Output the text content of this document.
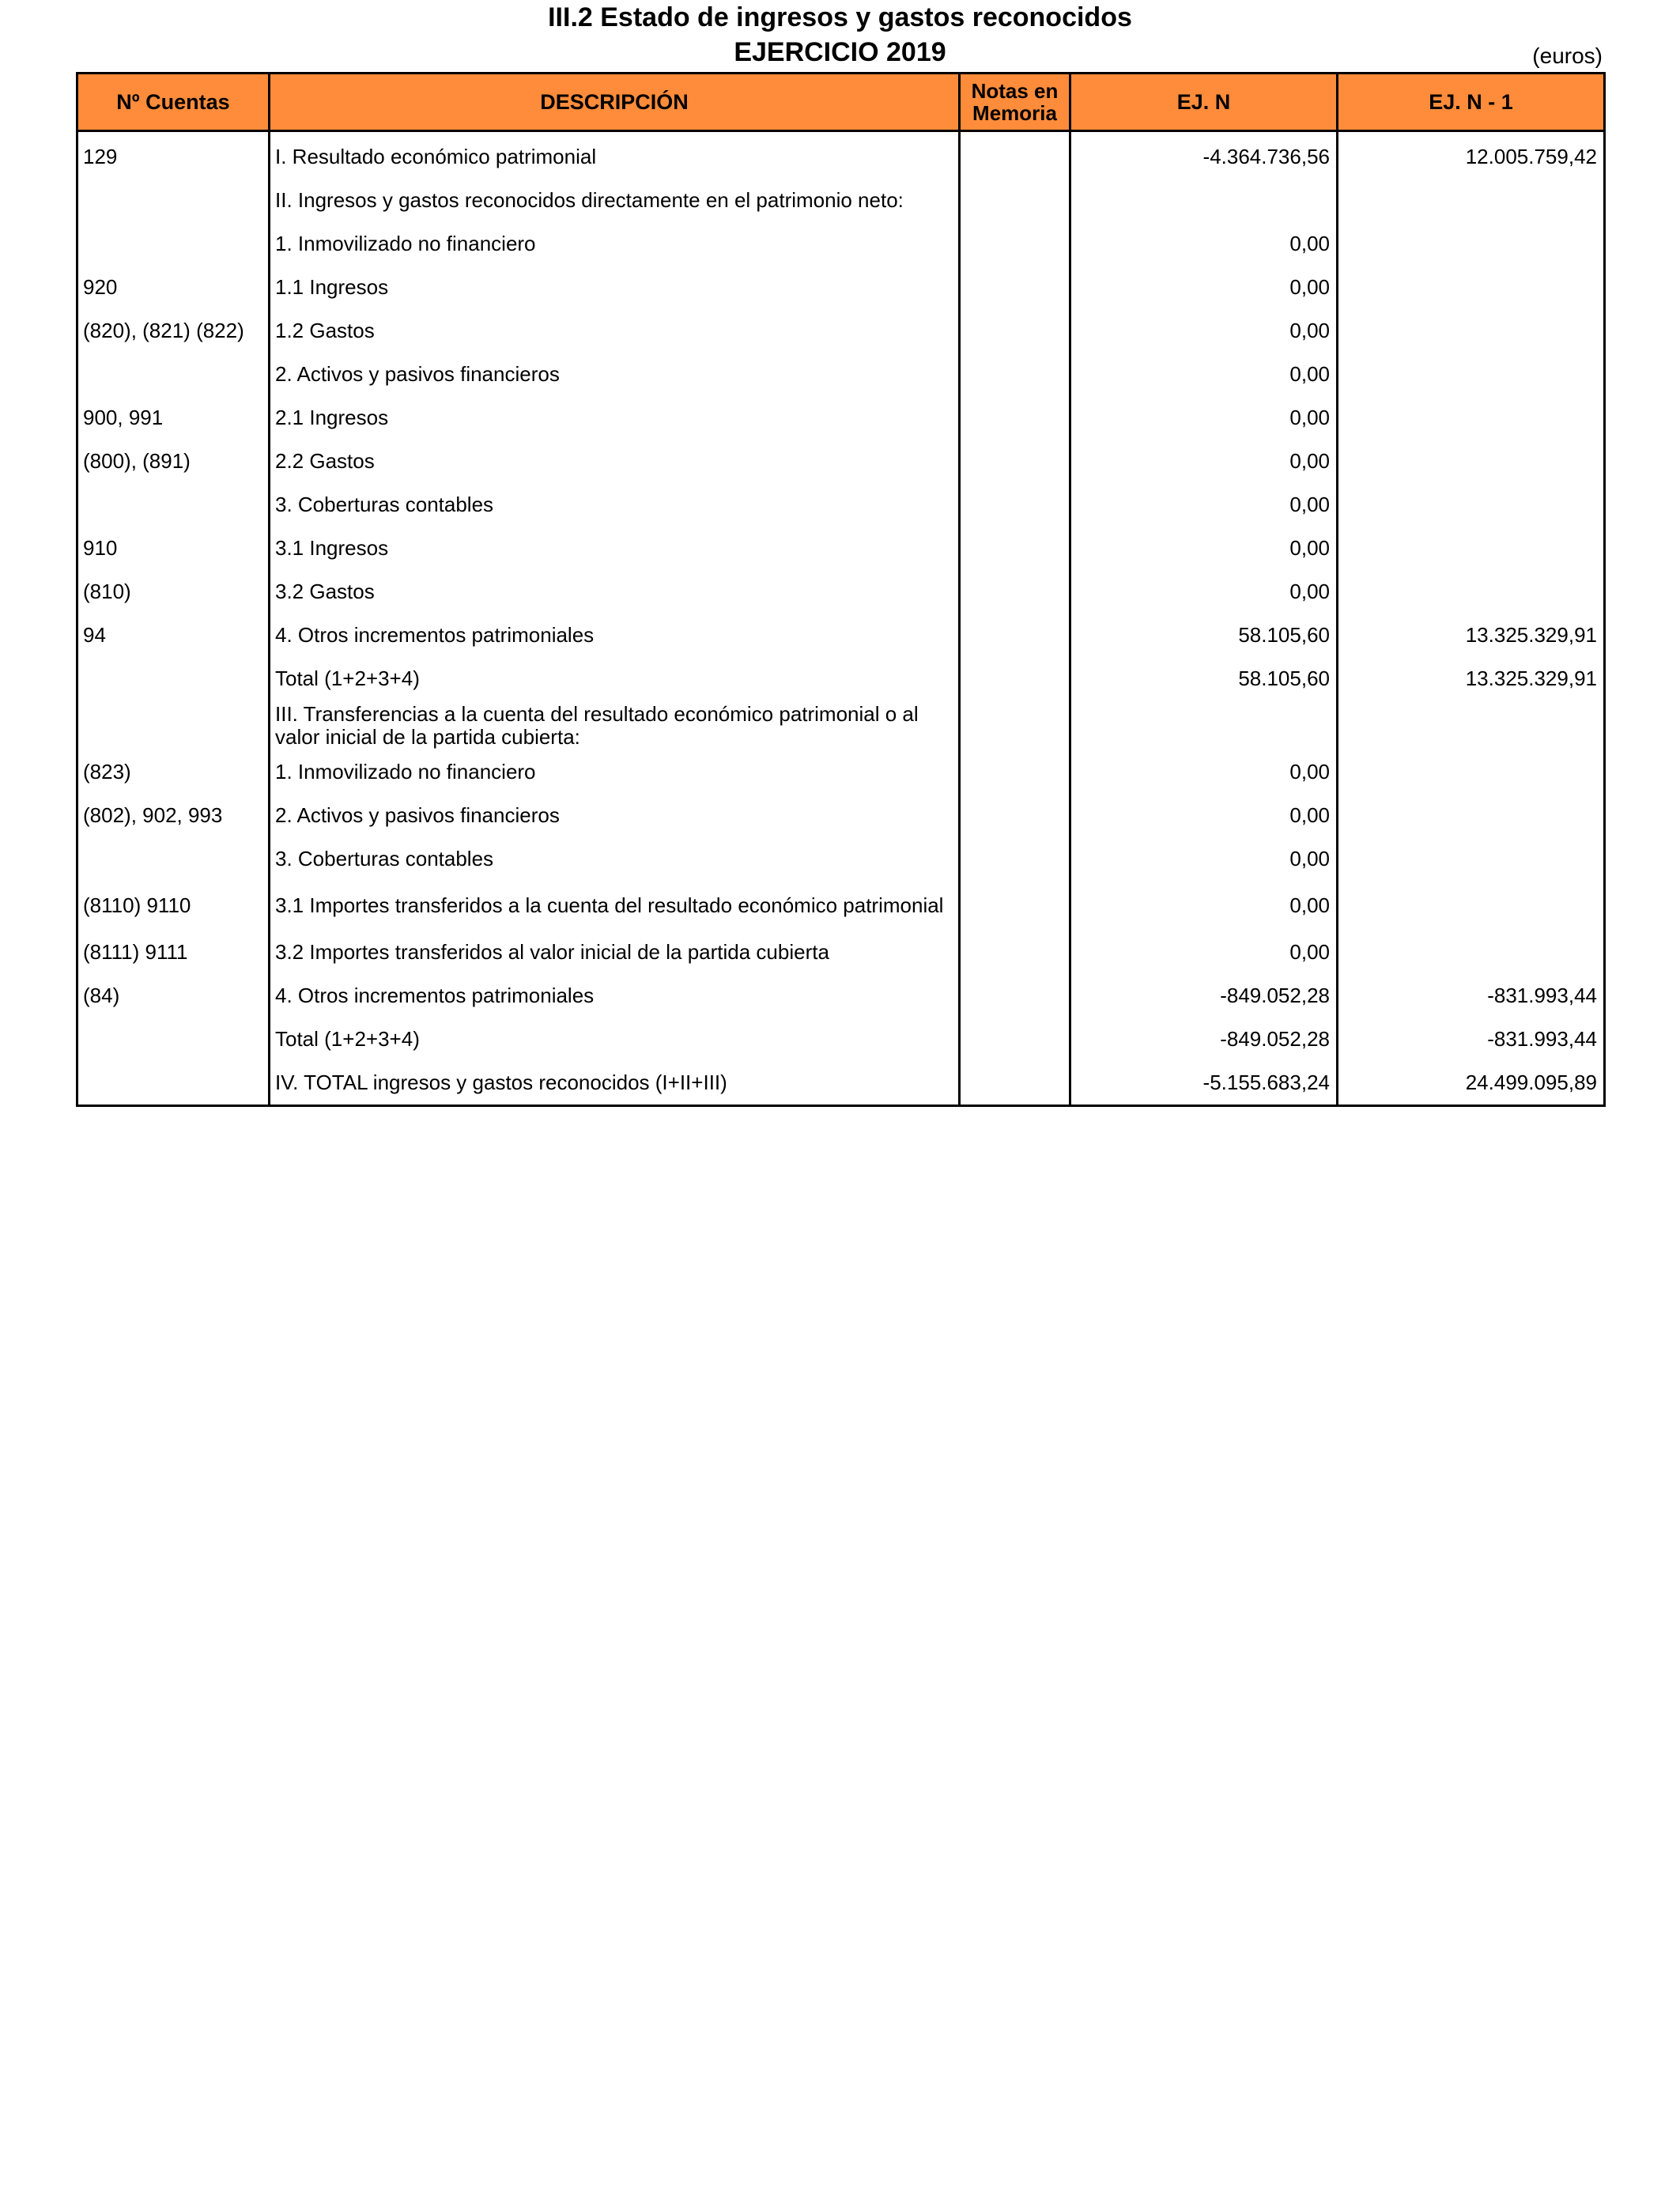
III.2 Estado de ingresos y gastos reconocidos
EJERCICIO 2019	(euros)
Nº Cuentas	DESCRIPCIÓN	Notas en Memoria	EJ. N	EJ. N - 1
129	I. Resultado económico patrimonial		-4.364.736,56	12.005.759,42
	II. Ingresos y gastos reconocidos directamente en el patrimonio neto:			
	1. Inmovilizado no financiero		0,00	
920	1.1 Ingresos		0,00	
(820), (821) (822)	1.2 Gastos		0,00	
	2. Activos y pasivos financieros		0,00	
900, 991	2.1 Ingresos		0,00	
(800), (891)	2.2 Gastos		0,00	
	3. Coberturas contables		0,00	
910	3.1 Ingresos		0,00	
(810)	3.2 Gastos		0,00	
94	4. Otros incrementos patrimoniales		58.105,60	13.325.329,91
	Total (1+2+3+4)		58.105,60	13.325.329,91
	III. Transferencias a la cuenta del resultado económico patrimonial o al valor inicial de la partida cubierta:			
(823)	1. Inmovilizado no financiero		0,00	
(802), 902, 993	2. Activos y pasivos financieros		0,00	
	3. Coberturas contables		0,00	
(8110) 9110	3.1 Importes transferidos a la cuenta del resultado económico patrimonial		0,00	
(8111) 9111	3.2 Importes transferidos al valor inicial de la partida cubierta		0,00	
(84)	4. Otros incrementos patrimoniales		-849.052,28	-831.993,44
	Total (1+2+3+4)		-849.052,28	-831.993,44
	IV. TOTAL ingresos y gastos reconocidos (I+II+III)		-5.155.683,24	24.499.095,89
